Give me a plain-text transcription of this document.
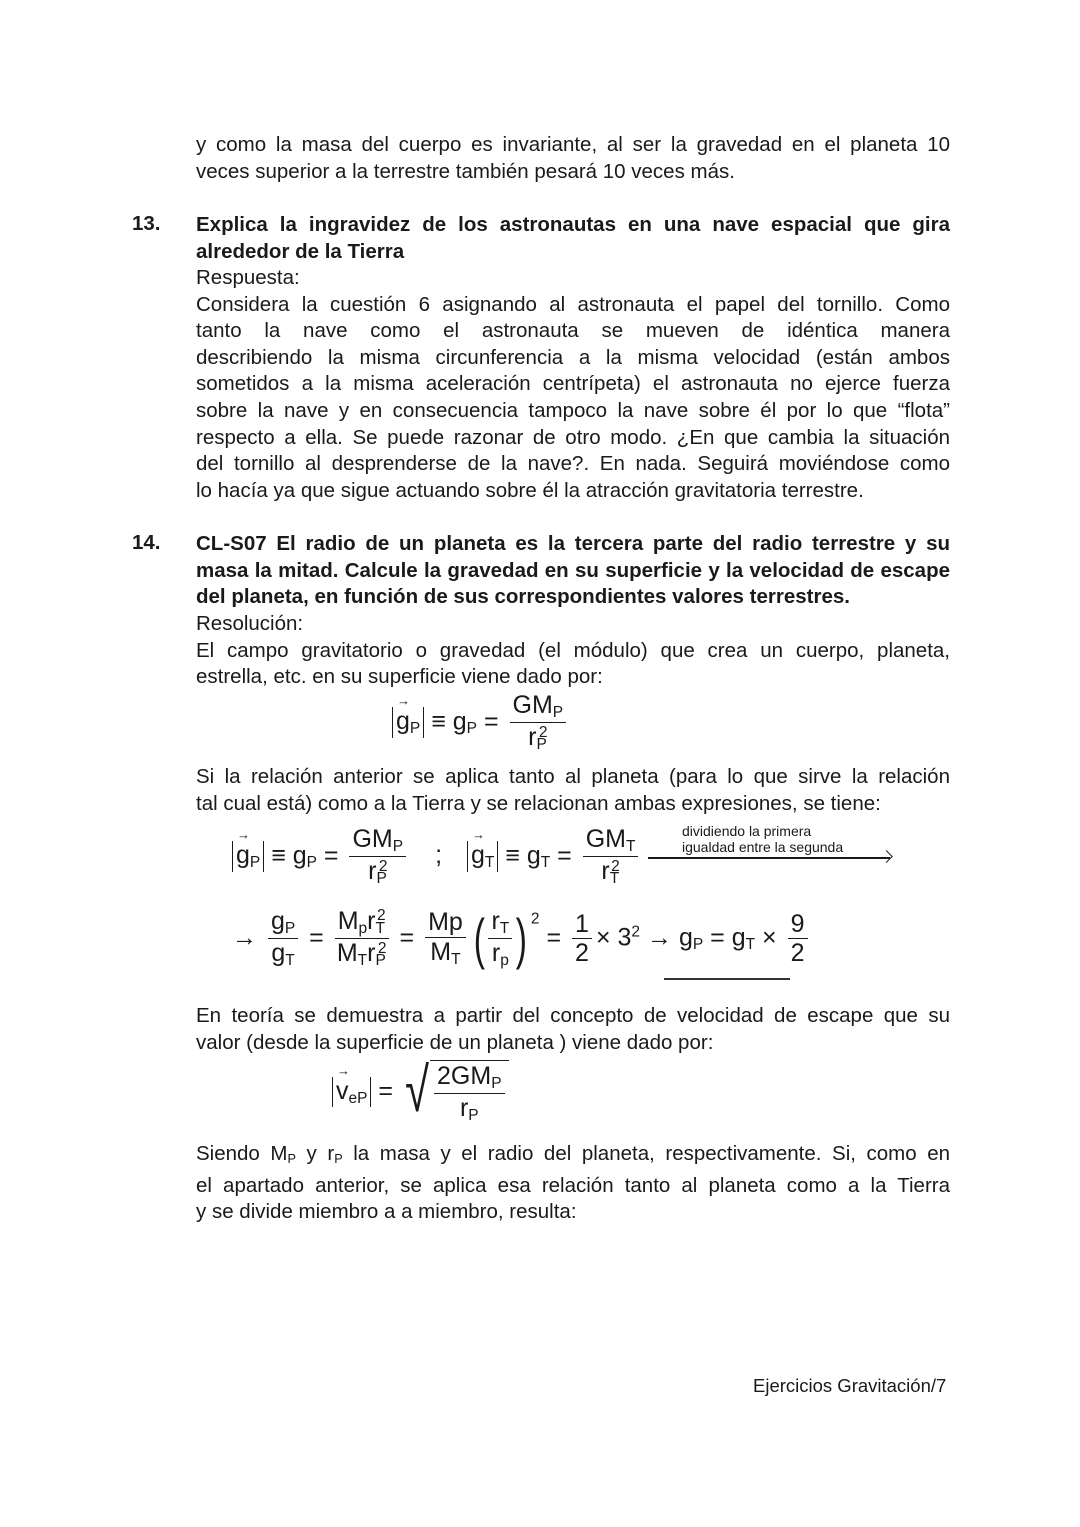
y como la masa del cuerpo es invariante, al ser la gravedad en el planeta 10
veces superior a la terrestre también pesará 10 veces más.
13. Explica la ingravidez de los astronautas en una nave espacial que gira
alrededor de la Tierra
Respuesta:
Considera la cuestión 6 asignando al astronauta el papel del tornillo. Como
tanto la nave como el astronauta se mueven de idéntica manera
describiendo la misma circunferencia a la misma velocidad (están ambos
sometidos a la misma aceleración centrípeta) el astronauta no ejerce fuerza
sobre la nave y en consecuencia tampoco la nave sobre él por lo que “flota”
respecto a ella. Se puede razonar de otro modo. ¿En que cambia la situación
del tornillo al desprenderse de la nave?. En nada. Seguirá moviéndose como
lo hacía ya que sigue actuando sobre él la atracción gravitatoria terrestre.
14. CL-S07 El radio de un planeta es la tercera parte del radio terrestre y su
masa la mitad. Calcule la gravedad en su superficie y la velocidad de escape
del planeta, en función de sus correspondientes valores terrestres.
Resolución:
El campo gravitatorio o gravedad (el módulo) que crea un cuerpo, planeta,
estrella, etc. en su superficie viene dado por:
→ $g_P \equiv g_P = \frac{GM_P}{r_P^2}$
Si la relación anterior se aplica tanto al planeta (para lo que sirve la relación
tal cual está) como a la Tierra y se relacionan ambas expresiones, se tiene:
→ $g_P \equiv g_P = \frac{GM_P}{r_P^2}$ ; → $g_T \equiv g_T = \frac{GM_T}{r_T^2}$	dividiendo la primera
igualdad entre la segunda
→ $\frac{g_P}{g_T} = \frac{M_pr_T^2}{M_Tr_P^2} = \frac{Mp}{M_T}$ ( $\frac{r_T}{r_p}$ ) $^2 = \frac{1}{2} \times 3^2 \to g_P = g_T \times \frac{9}{2}$
En teoría se demuestra a partir del concepto de velocidad de escape que su
valor (desde la superficie de un planeta ) viene dado por:
→ $v_{eP}$ = √ $\frac{2GM_P}{r_P}$
Siendo $M_P$ y $r_P$ la masa y el radio del planeta, respectivamente. Si, como en
el apartado anterior, se aplica esa relación tanto al planeta como a la Tierra
y se divide miembro a a miembro, resulta:
Ejercicios Gravitación/7
